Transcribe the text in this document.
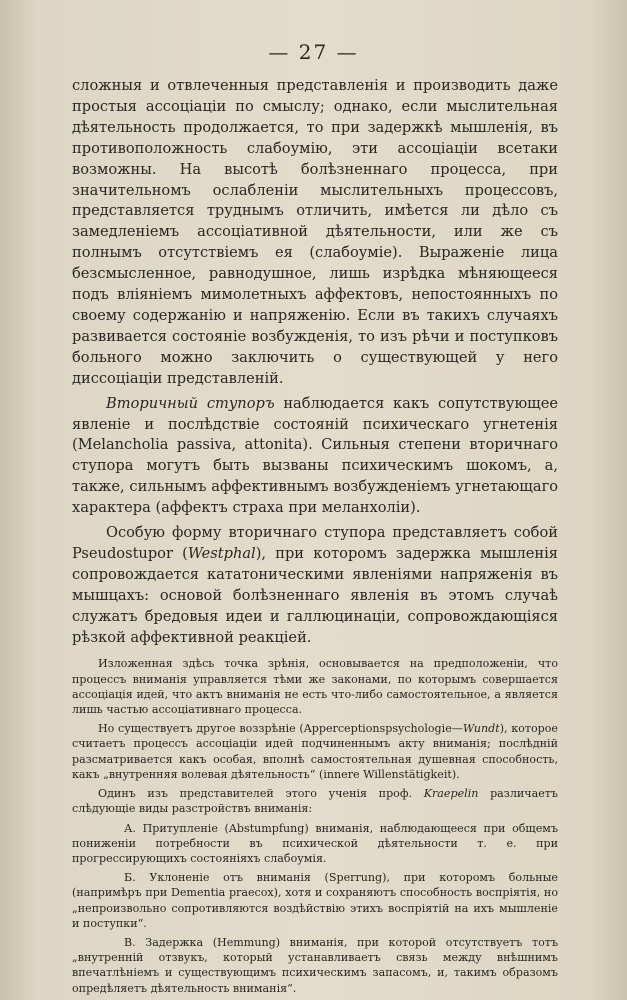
— 27 —

сложныя и отвлеченныя представленія и производить даже простыя ассоціаціи по смыслу; однако, если мыслительная дѣятельность продолжается, то при задержкѣ мышленія, въ противоположность слабоумію, эти ассоціаціи всетаки возможны. На высотѣ болѣзненнаго процесса, при значительномъ ослабленіи мыслительныхъ процессовъ, представляется труднымъ отличить, имѣется ли дѣло съ замедленіемъ ассоціативной дѣятельности, или же съ полнымъ отсутствіемъ ея (слабоуміе). Выраженіе лица безсмысленное, равнодушное, лишь изрѣдка мѣняющееся подъ вліяніемъ мимолетныхъ аффектовъ, непостоянныхъ по своему содержанію и напряженію. Если въ такихъ случаяхъ развивается состояніе возбужденія, то изъ рѣчи и поступковъ больного можно заключить о существующей у него диссоціаціи представленій.

Вторичный ступоръ наблюдается какъ сопутствующее явленіе и послѣдствіе состояній психическаго угнетенія (Melancholia passiva, attonita). Сильныя степени вторичнаго ступора могутъ быть вызваны психическимъ шокомъ, а, также, сильнымъ аффективнымъ возбужденіемъ угнетающаго характера (аффектъ страха при меланхоліи).

Особую форму вторичнаго ступора представляетъ собой Pseudostupor (Westphal), при которомъ задержка мышленія сопровождается кататоническими явленіями напряженія въ мышцахъ: основой болѣзненнаго явленія въ этомъ случаѣ служатъ бредовыя идеи и галлюцинаціи, сопровождающіяся рѣзкой аффективной реакціей.

Изложенная здѣсь точка зрѣнія, основывается на предположеніи, что процессъ вниманія управляется тѣми же законами, по которымъ совершается ассоціація идей, что актъ вниманія не есть что-либо самостоятельное, а является лишь частью ассоціативнаго процесса.

Но существуетъ другое воззрѣніе (Apperceptionspsychologie—Wundt), которое считаетъ процессъ ассоціаціи идей подчиненнымъ акту вниманія; послѣдній разсматривается какъ особая, вполнѣ самостоятельная душевная способность, какъ „внутренняя волевая дѣятельность“ (innere Willenstätigkeit).

Одинъ изъ представителей этого ученія проф. Kraepelin различаетъ слѣдующіе виды разстройствъ вниманія:

А. Притупленіе (Abstumpfung) вниманія, наблюдающееся при общемъ пониженіи потребности въ психической дѣятельности т. е. при прогрессирующихъ состояніяхъ слабоумія.

Б. Уклоненіе отъ вниманія (Sperrung), при которомъ больные (напримѣръ при Dementia praecox), хотя и сохраняютъ способность воспріятія, но „непроизвольно сопротивляются воздѣйствію этихъ воспріятій на ихъ мышленіе и поступки“.

В. Задержка (Hemmung) вниманія, при которой отсутствуетъ тотъ „внутренній отзвукъ, который устанавливаетъ связь между внѣшнимъ впечатлѣніемъ и существующимъ психическимъ запасомъ, и, такимъ образомъ опредѣляетъ дѣятельность вниманія“.
